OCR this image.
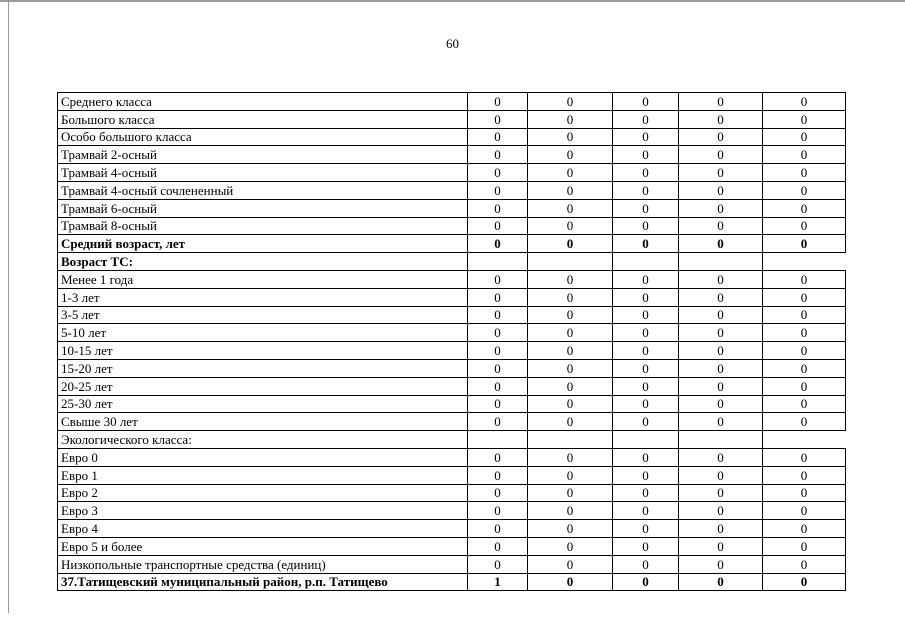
60
Среднего класса	0	0	0	0	0
Большого класса	0	0	0	0	0
Особо большого класса	0	0	0	0	0
Трамвай 2-осный	0	0	0	0	0
Трамвай 4-осный	0	0	0	0	0
Трамвай 4-осный сочлененный	0	0	0	0	0
Трамвай 6-осный	0	0	0	0	0
Трамвай 8-осный	0	0	0	0	0
Средний возраст, лет	0	0	0	0	0
Возраст ТС:					
Менее 1 года	0	0	0	0	0
1-3 лет	0	0	0	0	0
3-5 лет	0	0	0	0	0
5-10 лет	0	0	0	0	0
10-15 лет	0	0	0	0	0
15-20 лет	0	0	0	0	0
20-25 лет	0	0	0	0	0
25-30 лет	0	0	0	0	0
Свыше 30 лет	0	0	0	0	0
Экологического класса:					
Евро 0	0	0	0	0	0
Евро 1	0	0	0	0	0
Евро 2	0	0	0	0	0
Евро 3	0	0	0	0	0
Евро 4	0	0	0	0	0
Евро 5 и более	0	0	0	0	0
Низкопольные транспортные средства (единиц)	0	0	0	0	0
37.Татищевский муниципальный район, р.п. Татищево	1	0	0	0	0
